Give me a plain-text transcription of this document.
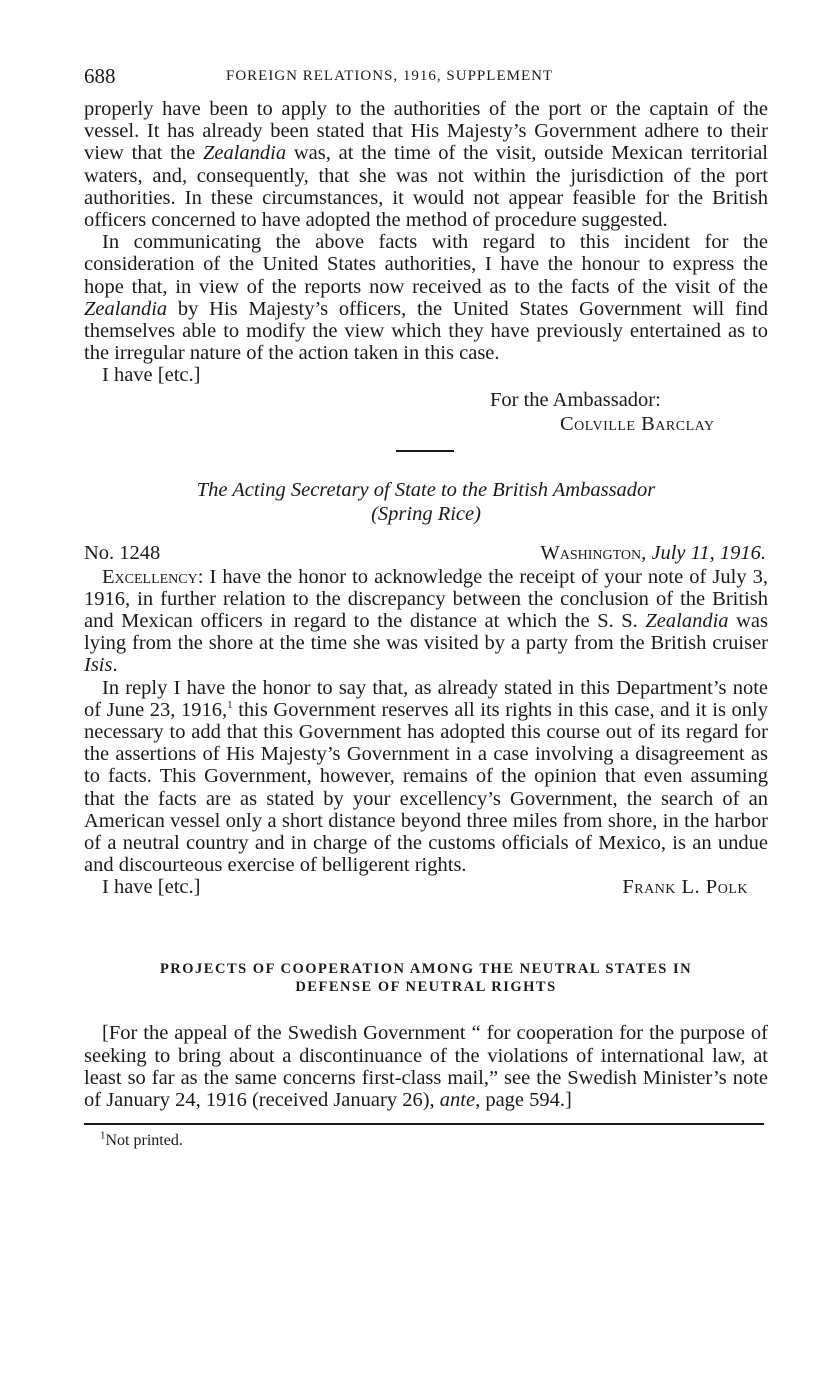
688	FOREIGN RELATIONS, 1916, SUPPLEMENT

properly have been to apply to the authorities of the port or the captain of the vessel. It has already been stated that His Majesty’s Government adhere to their view that the Zealandia was, at the time of the visit, outside Mexican territorial waters, and, consequently, that she was not within the jurisdiction of the port authorities. In these circumstances, it would not appear feasible for the British officers concerned to have adopted the method of procedure suggested.

In communicating the above facts with regard to this incident for the consideration of the United States authorities, I have the honour to express the hope that, in view of the reports now received as to the facts of the visit of the Zealandia by His Majesty’s officers, the United States Government will find themselves able to modify the view which they have previously entertained as to the irregular nature of the action taken in this case.

I have [etc.]
For the Ambassador:
Colville Barclay
The Acting Secretary of State to the British Ambassador
(Spring Rice)
No. 1248	Washington, July 11, 1916.

Excellency: I have the honor to acknowledge the receipt of your note of July 3, 1916, in further relation to the discrepancy between the conclusion of the British and Mexican officers in regard to the distance at which the S. S. Zealandia was lying from the shore at the time she was visited by a party from the British cruiser Isis.

In reply I have the honor to say that, as already stated in this Department’s note of June 23, 1916,$^1$ this Government reserves all its rights in this case, and it is only necessary to add that this Government has adopted this course out of its regard for the assertions of His Majesty’s Government in a case involving a disagreement as to facts. This Government, however, remains of the opinion that even assuming that the facts are as stated by your excellency’s Government, the search of an American vessel only a short distance beyond three miles from shore, in the harbor of a neutral country and in charge of the customs officials of Mexico, is an undue and discourteous exercise of belligerent rights.

I have [etc.]	Frank L. Polk
PROJECTS OF COOPERATION AMONG THE NEUTRAL STATES IN
DEFENSE OF NEUTRAL RIGHTS

[For the appeal of the Swedish Government “ for cooperation for the purpose of seeking to bring about a discontinuance of the violations of international law, at least so far as the same concerns first-class mail,” see the Swedish Minister’s note of January 24, 1916 (received January 26), ante, page 594.]

$^1$Not printed.
